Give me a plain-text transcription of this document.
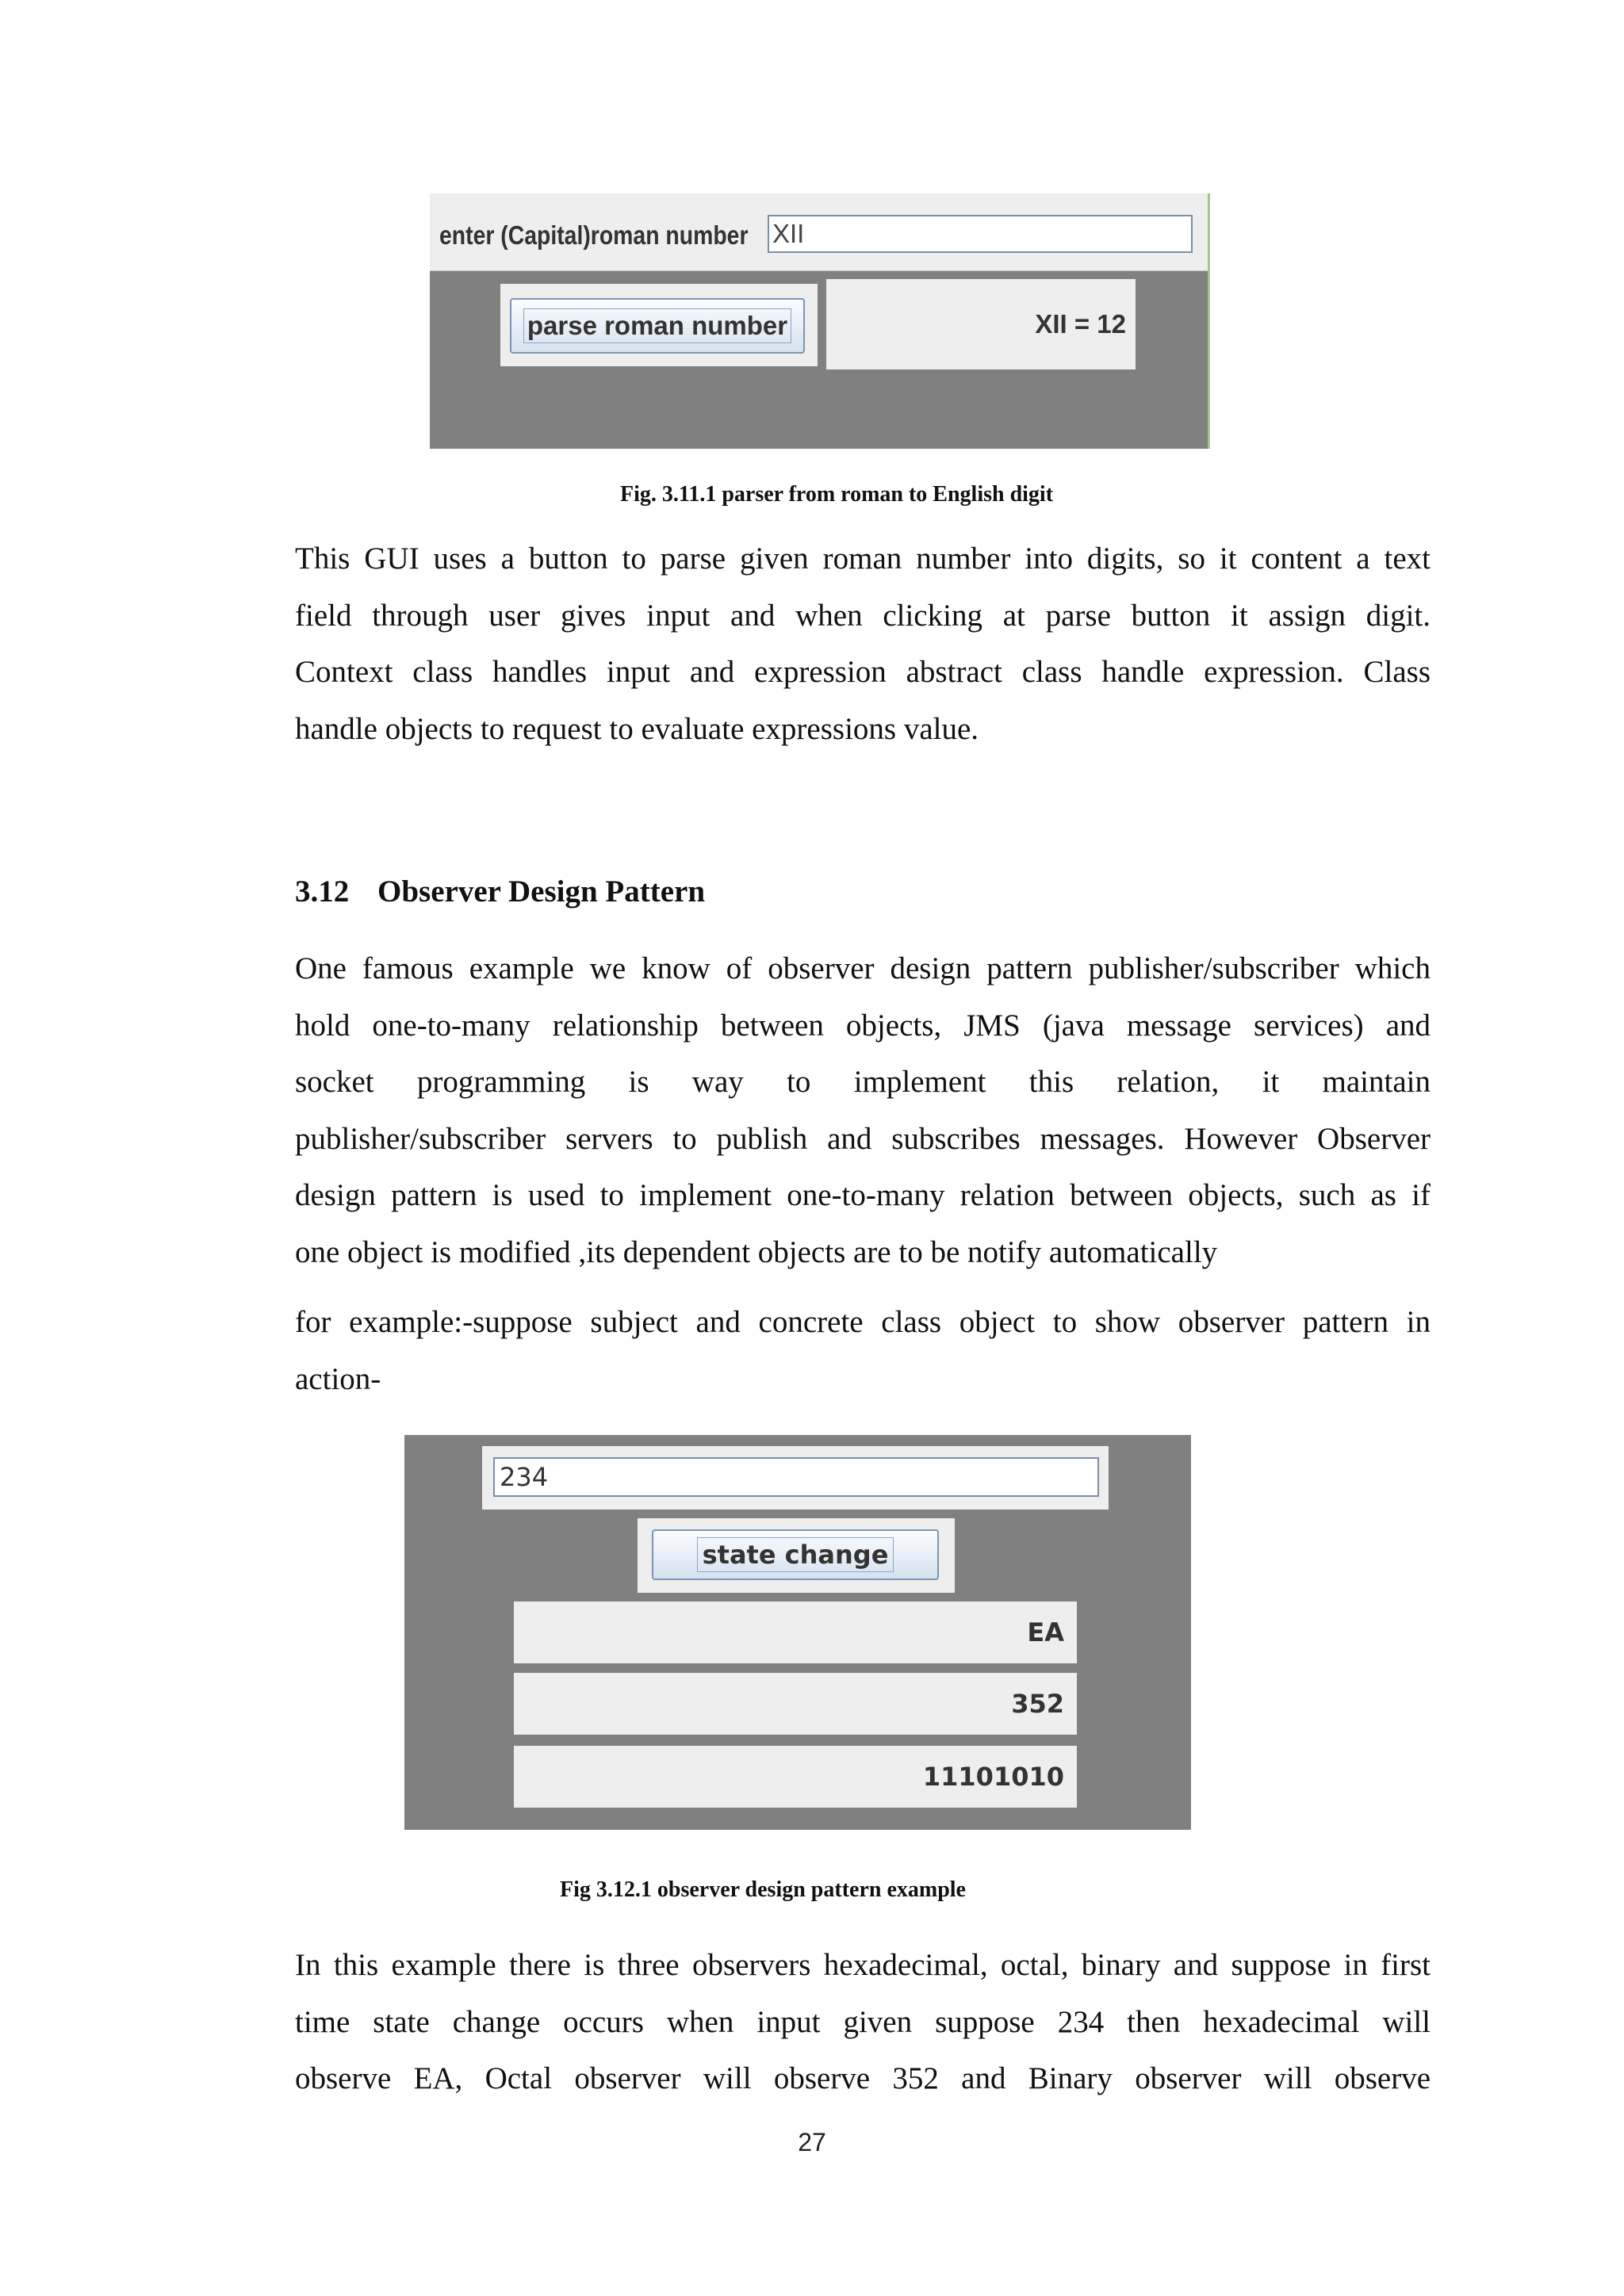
enter (Capital)roman number XII
parse roman number	XII = 12
Fig. 3.11.1 parser from roman to English digit
This GUI uses a button to parse given roman number into digits, so it content a text
field through user gives input and when clicking at parse button it assign digit.
Context class handles input and expression abstract class handle expression. Class
handle objects to request to evaluate expressions value.
3.12 Observer Design Pattern
One famous example we know of observer design pattern publisher/subscriber which
hold one-to-many relationship between objects, JMS (java message services) and
socket programming is way to implement this relation, it maintain
publisher/subscriber servers to publish and subscribes messages. However Observer
design pattern is used to implement one-to-many relation between objects, such as if
one object is modified ,its dependent objects are to be notify automatically
for example:-suppose subject and concrete class object to show observer pattern in
action-
234
state change
EA
352
11101010
Fig 3.12.1 observer design pattern example
In this example there is three observers hexadecimal, octal, binary and suppose in first
time state change occurs when input given suppose 234 then hexadecimal will
observe EA, Octal observer will observe 352 and Binary observer will observe
27
